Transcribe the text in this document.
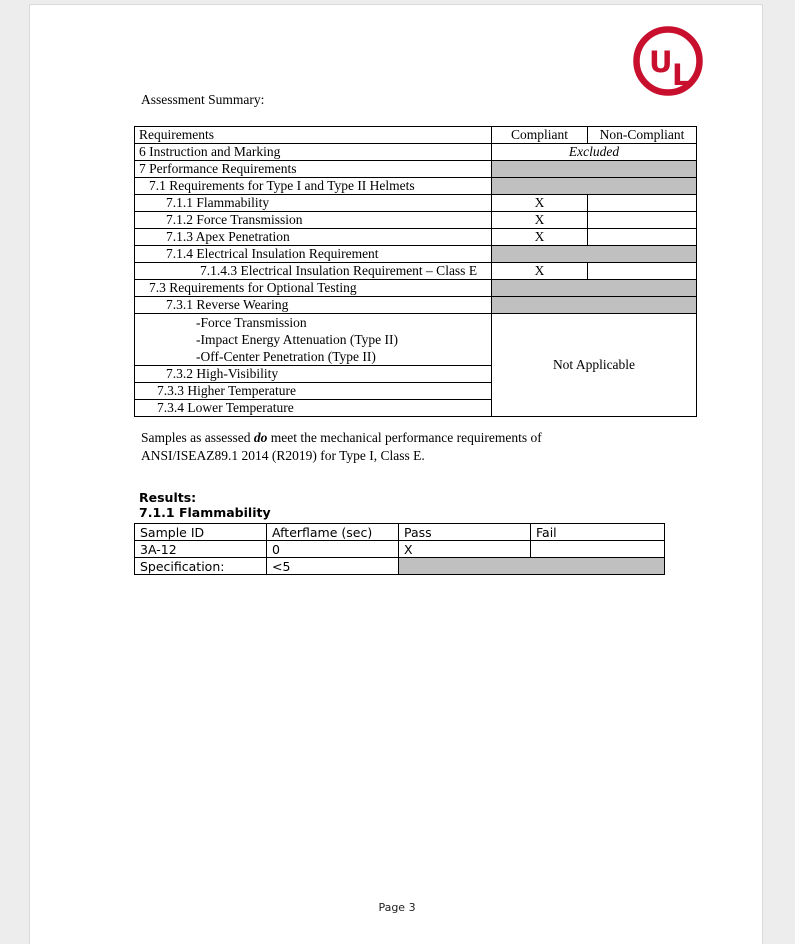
U L
Assessment Summary:
Requirements	Compliant	Non-Compliant
6 Instruction and Marking	Excluded	
7 Performance Requirements		
7.1 Requirements for Type I and Type II Helmets		
7.1.1 Flammability	X	
7.1.2 Force Transmission	X	
7.1.3 Apex Penetration	X	
7.1.4 Electrical Insulation Requirement		
7.1.4.3 Electrical Insulation Requirement – Class E	X	
7.3 Requirements for Optional Testing		
7.3.1 Reverse Wearing		

-Force Transmission
-Impact Energy Attenuation (Type II)
-Off-Center Penetration (Type II)	Not Applicable	
7.3.2 High-Visibility		
7.3.3 Higher Temperature		
7.3.4 Lower Temperature		
Samples as assessed do meet the mechanical performance requirements of
ANSI/ISEAZ89.1 2014 (R2019) for Type I, Class E.
Results:
7.1.1 Flammability
Sample ID	Afterflame (sec)	Pass	Fail
3A-12	0	X	
Specification:	<5		
Page 3
